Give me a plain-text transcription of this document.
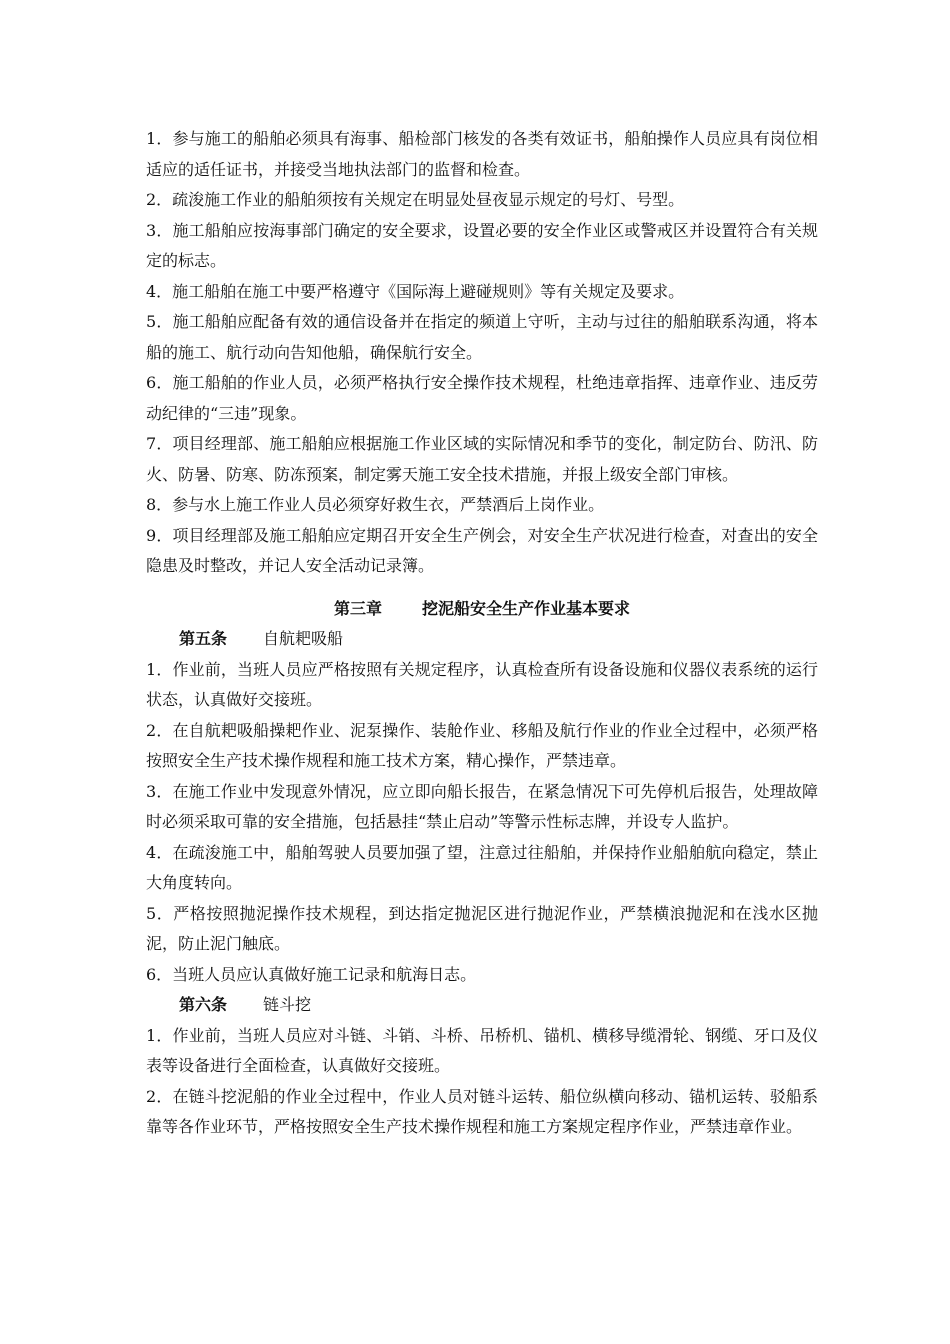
1．参与施工的船舶必须具有海事、船检部门核发的各类有效证书，船舶操作人员应具有岗位相适应的适任证书，并接受当地执法部门的监督和检查。

2．疏浚施工作业的船舶须按有关规定在明显处昼夜显示规定的号灯、号型。

3．施工船舶应按海事部门确定的安全要求，设置必要的安全作业区或警戒区并设置符合有关规定的标志。

4．施工船舶在施工中要严格遵守《国际海上避碰规则》等有关规定及要求。

5．施工船舶应配备有效的通信设备并在指定的频道上守听，主动与过往的船舶联系沟通，将本船的施工、航行动向告知他船，确保航行安全。

6．施工船舶的作业人员，必须严格执行安全操作技术规程，杜绝违章指挥、违章作业、违反劳动纪律的“三违”现象。

7．项目经理部、施工船舶应根据施工作业区域的实际情况和季节的变化，制定防台、防汛、防火、防暑、防寒、防冻预案，制定雾天施工安全技术措施，并报上级安全部门审核。

8．参与水上施工作业人员必须穿好救生衣，严禁酒后上岗作业。

9．项目经理部及施工船舶应定期召开安全生产例会，对安全生产状况进行检查，对查出的安全隐患及时整改，并记人安全活动记录簿。

第三章	挖泥船安全生产作业基本要求
第五条 自航耙吸船

1．作业前，当班人员应严格按照有关规定程序，认真检查所有设备设施和仪器仪表系统的运行状态，认真做好交接班。

2．在自航耙吸船操耙作业、泥泵操作、装舱作业、移船及航行作业的作业全过程中，必须严格按照安全生产技术操作规程和施工技术方案，精心操作，严禁违章。

3．在施工作业中发现意外情况，应立即向船长报告，在紧急情况下可先停机后报告，处理故障时必须采取可靠的安全措施，包括悬挂“禁止启动”等警示性标志牌，并设专人监护。

4．在疏浚施工中，船舶驾驶人员要加强了望，注意过往船舶，并保持作业船舶航向稳定，禁止大角度转向。

5．严格按照抛泥操作技术规程，到达指定抛泥区进行抛泥作业，严禁横浪抛泥和在浅水区抛泥，防止泥门触底。

6．当班人员应认真做好施工记录和航海日志。

第六条 链斗挖

1．作业前，当班人员应对斗链、斗销、斗桥、吊桥机、锚机、横移导缆滑轮、钢缆、牙口及仪表等设备进行全面检查，认真做好交接班。

2．在链斗挖泥船的作业全过程中，作业人员对链斗运转、船位纵横向移动、锚机运转、驳船系靠等各作业环节，严格按照安全生产技术操作规程和施工方案规定程序作业，严禁违章作业。
